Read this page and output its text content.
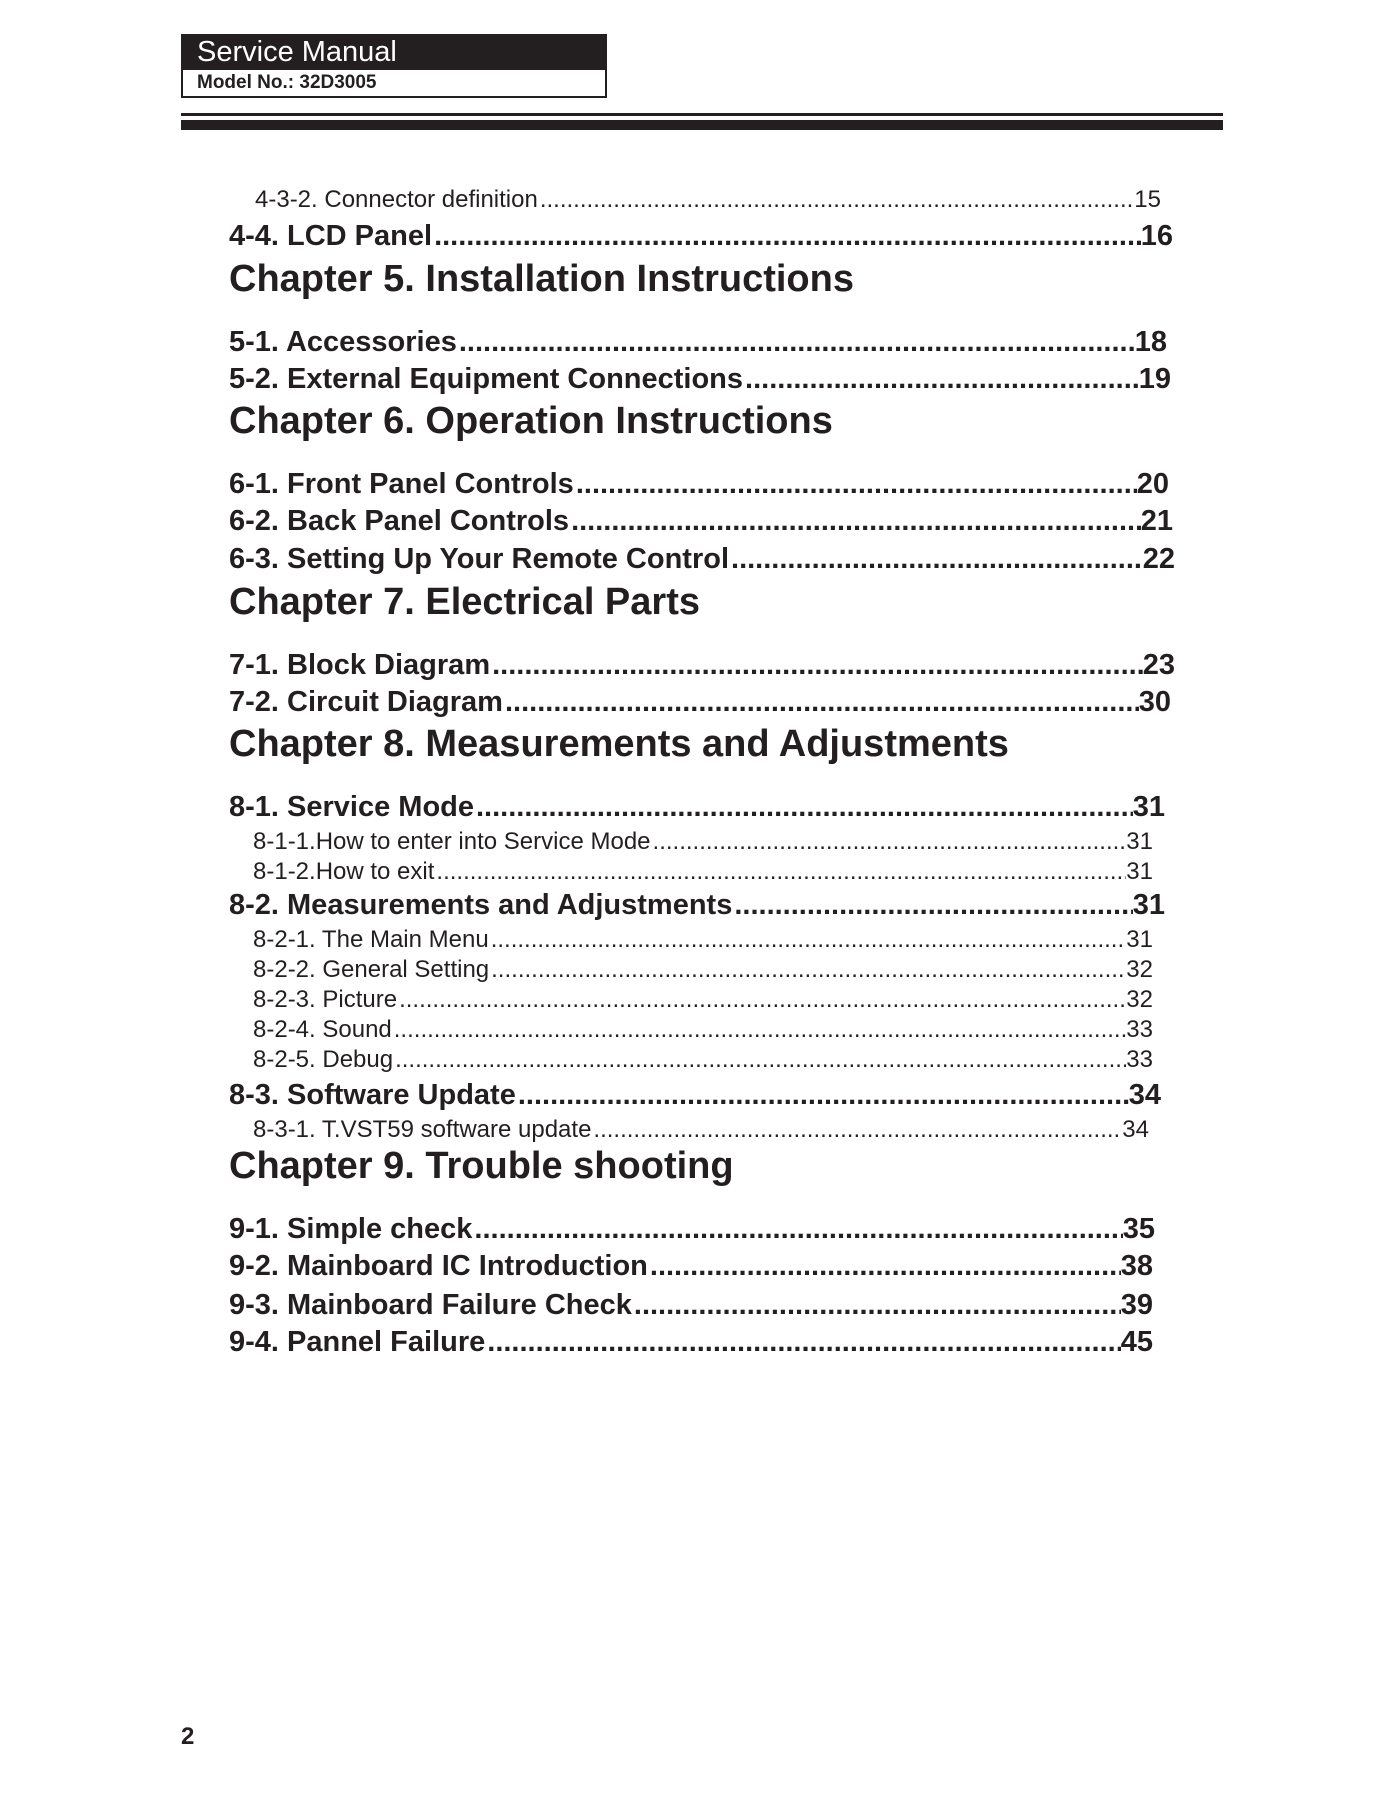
Service Manual
Model No.: 32D3005
4-3-2. Connector definition .....	15
4-4. LCD Panel .....	16
Chapter 5. Installation Instructions
5-1. Accessories .....	18
5-2. External Equipment Connections .....	19
Chapter 6. Operation Instructions
6-1. Front Panel Controls .....	20
6-2. Back Panel Controls .....	21
6-3. Setting Up Your Remote Control .....	22
Chapter 7. Electrical Parts
7-1. Block Diagram .....	23
7-2. Circuit Diagram .....	30
Chapter 8. Measurements and Adjustments
8-1. Service Mode .....	31
8-1-1.How to enter into Service Mode .....	31
8-1-2.How to exit .....	31
8-2. Measurements and Adjustments .....	31
8-2-1. The Main Menu .....	31
8-2-2. General Setting .....	32
8-2-3. Picture .....	32
8-2-4. Sound .....	33
8-2-5. Debug .....	33
8-3. Software Update .....	34
8-3-1. T.VST59 software update .....	34
Chapter 9. Trouble shooting
9-1. Simple check .....	35
9-2. Mainboard IC Introduction .....	38
9-3. Mainboard Failure Check .....	39
9-4. Pannel Failure .....	45
2
